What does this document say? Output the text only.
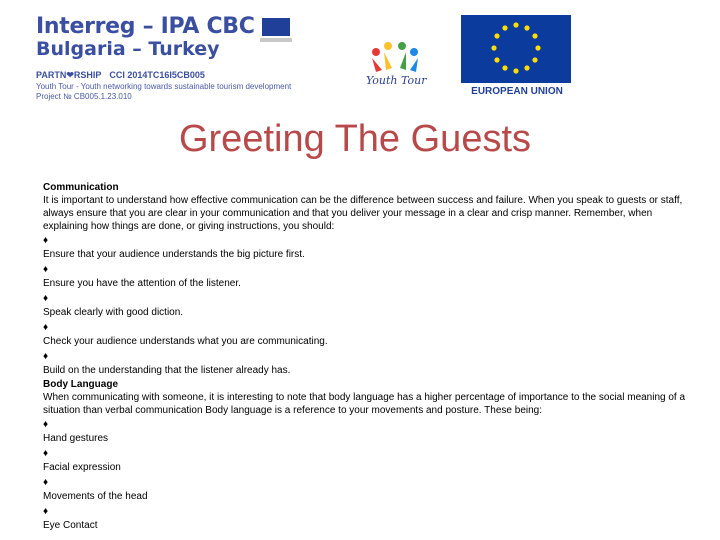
Interreg – IPA CBC
Bulgaria – Turkey
PARTN❤RSHIP CCI 2014TC16I5CB005
Youth Tour - Youth networking towards sustainable tourism development
Project № CB005.1.23.010
Youth Tour
EUROPEAN UNION
Greeting The Guests

Communication

It is important to understand how effective communication can be the difference between success and failure. When you speak to guests or staff, always ensure that you are clear in your communication and that you deliver your message in a clear and crisp manner. Remember, when explaining how things are done, or giving instructions, you should:

♦

Ensure that your audience understands the big picture first.

♦

Ensure you have the attention of the listener.

♦

Speak clearly with good diction.

♦

Check your audience understands what you are communicating.

♦

Build on the understanding that the listener already has.

Body Language

When communicating with someone, it is interesting to note that body language has a higher percentage of importance to the social meaning of a situation than verbal communication Body language is a reference to your movements and posture. These being:

♦

Hand gestures

♦

Facial expression

♦

Movements of the head

♦

Eye Contact
